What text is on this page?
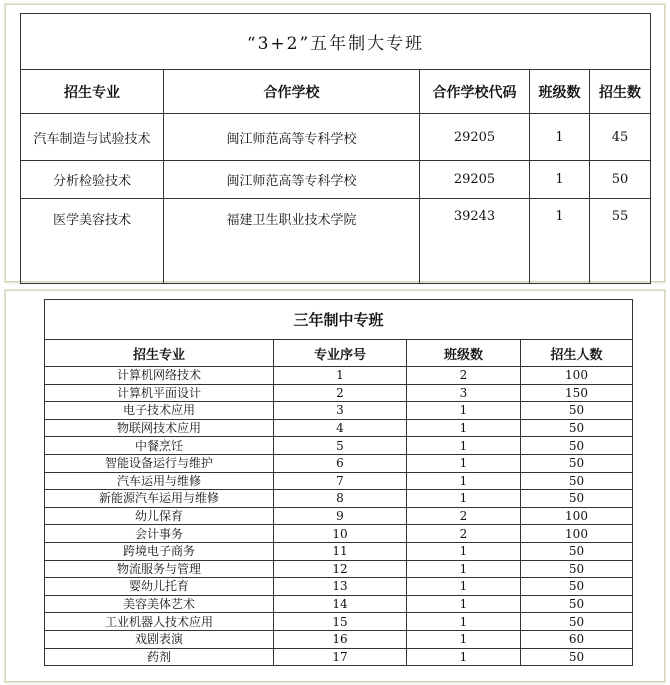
“3+2”五年制大专班				
招生专业	合作学校	合作学校代码	班级数	招生数
汽车制造与试验技术	闽江师范高等专科学校	29205	1	45
分析检验技术	闽江师范高等专科学校	29205	1	50
医学美容技术	福建卫生职业技术学院	39243	1	55
三年制中专班			
招生专业	专业序号	班级数	招生人数
计算机网络技术	1	2	100
计算机平面设计	2	3	150
电子技术应用	3	1	50
物联网技术应用	4	1	50
中餐烹饪	5	1	50
智能设备运行与维护	6	1	50
汽车运用与维修	7	1	50
新能源汽车运用与维修	8	1	50
幼儿保育	9	2	100
会计事务	10	2	100
跨境电子商务	11	1	50
物流服务与管理	12	1	50
婴幼儿托育	13	1	50
美容美体艺术	14	1	50
工业机器人技术应用	15	1	50
戏剧表演	16	1	60
药剂	17	1	50
